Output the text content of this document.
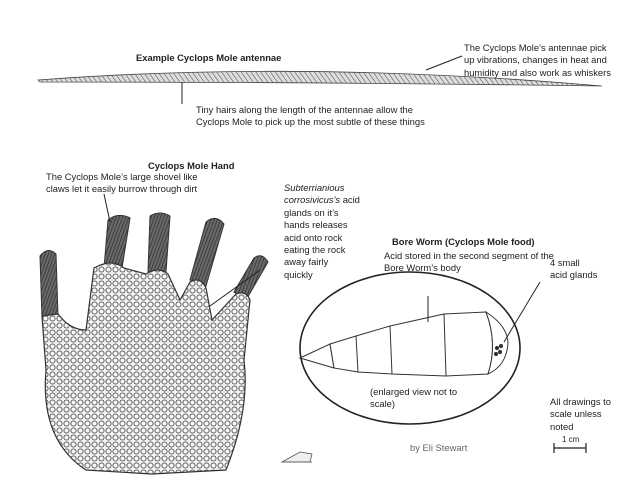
Example Cyclops Mole antennae
The Cyclops Mole’s antennae pick
up vibrations, changes in heat and
humidity and also work as whiskers
Tiny hairs along the length of the antennae allow the
Cyclops Mole to pick up the most subtle of these things
Cyclops Mole Hand
The Cyclops Mole’s large shovel like
claws let it easily burrow through dirt	Subterrianious
corrosivicus’s acid
glands on it’s
hands releases
acid onto rock
eating the rock
away fairly
quickly
Bore Worm (Cyclops Mole food)
Acid stored in the second segment of the
Bore Worm’s body	4 small
acid glands
(enlarged view not to
scale)	All drawings to
scale unless
noted
1 cm
by Eli Stewart
